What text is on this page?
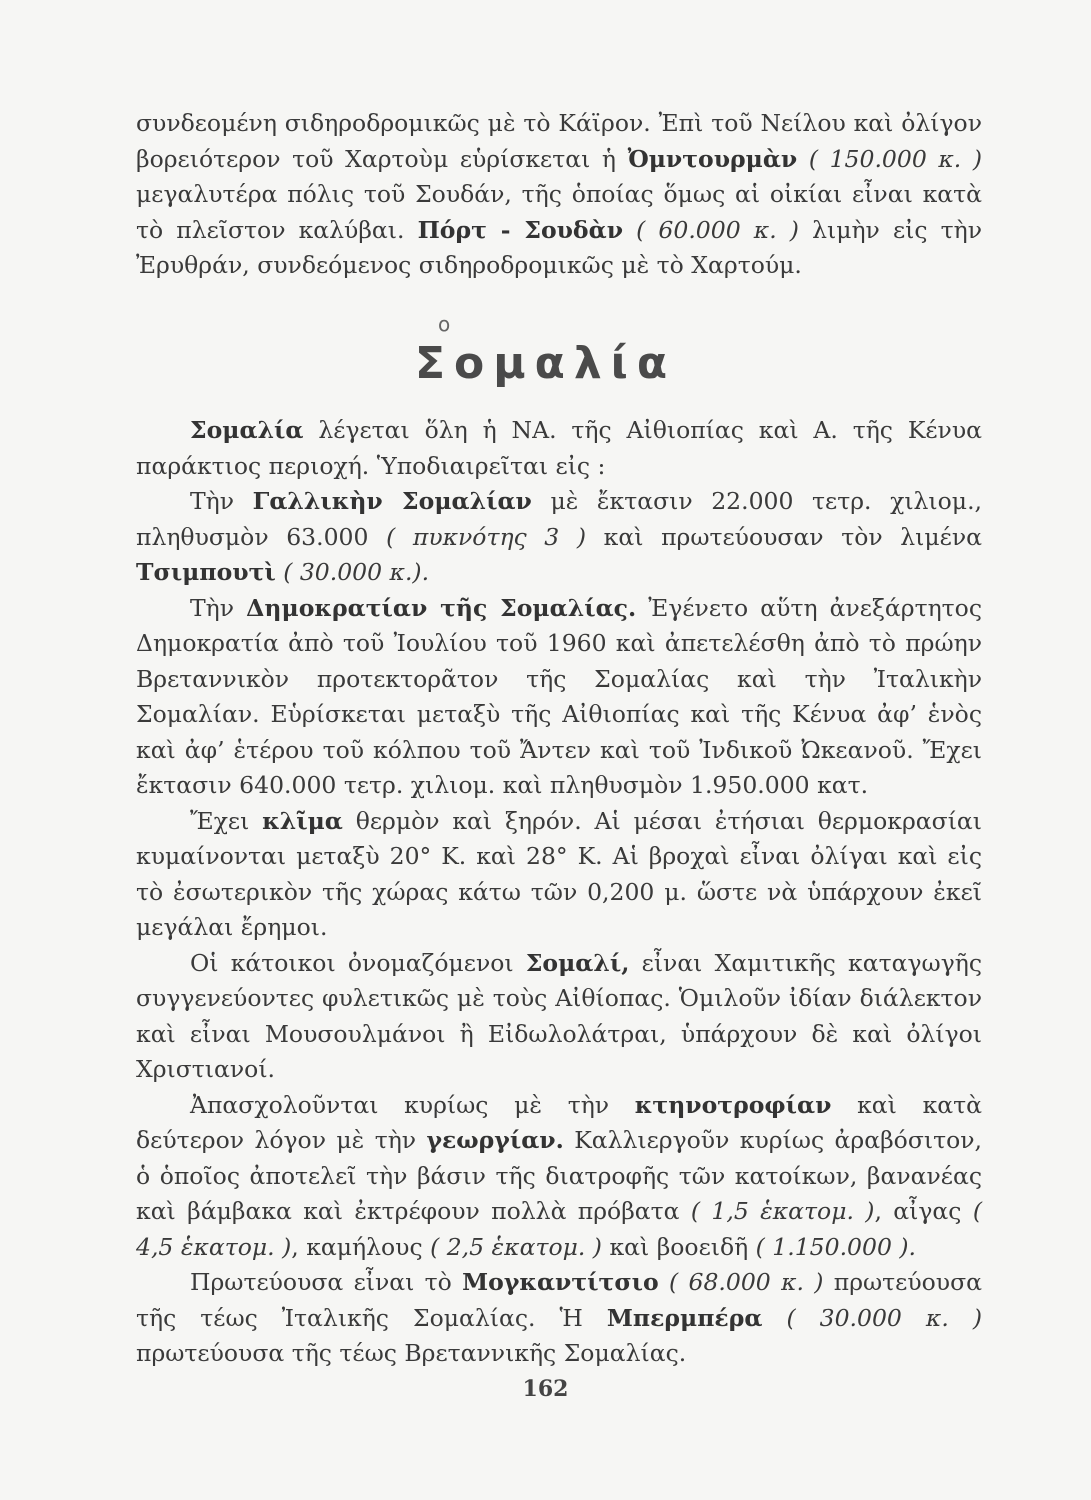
συνδεομένη σιδηροδρομικῶς μὲ τὸ Κάϊρον. Ἐπὶ τοῦ Νείλου καὶ ὀλίγον βορειότερον τοῦ Χαρτοὺμ εὑρίσκεται ἡ Ὀμντουρμὰν ( 150.000 κ. ) μεγαλυτέρα πόλις τοῦ Σουδάν, τῆς ὁποίας ὅμως αἱ οἰκίαι εἶναι κατὰ τὸ πλεῖστον καλύβαι. Πόρτ - Σουδὰν ( 60.000 κ. ) λιμὴν εἰς τὴν Ἐρυθράν, συνδεόμενος σιδηροδρομικῶς μὲ τὸ Χαρτούμ.

ο
Σομαλία

Σομαλία λέγεται ὅλη ἡ ΝΑ. τῆς Αἰθιοπίας καὶ Α. τῆς Κένυα παράκτιος περιοχή. Ὑποδιαιρεῖται εἰς :

Τὴν Γαλλικὴν Σομαλίαν μὲ ἔκτασιν 22.000 τετρ. χιλιομ., πληθυσμὸν 63.000 ( πυκνότης 3 ) καὶ πρωτεύουσαν τὸν λιμένα Τσιμπουτὶ ( 30.000 κ.).

Τὴν Δημοκρατίαν τῆς Σομαλίας. Ἐγένετο αὕτη ἀνεξάρτητος Δημοκρατία ἀπὸ τοῦ Ἰουλίου τοῦ 1960 καὶ ἀπετελέσθη ἀπὸ τὸ πρώην Βρεταννικὸν προτεκτορᾶτον τῆς Σομαλίας καὶ τὴν Ἰταλικὴν Σομαλίαν. Εὑρίσκεται μεταξὺ τῆς Αἰθιοπίας καὶ τῆς Κένυα ἀφ’ ἑνὸς καὶ ἀφ’ ἑτέρου τοῦ κόλπου τοῦ Ἄντεν καὶ τοῦ Ἰνδικοῦ Ὠκεανοῦ. Ἔχει ἔκτασιν 640.000 τετρ. χιλιομ. καὶ πληθυσμὸν 1.950.000 κατ.

Ἔχει κλῖμα θερμὸν καὶ ξηρόν. Αἱ μέσαι ἐτήσιαι θερμοκρασίαι κυμαίνονται μεταξὺ 20° Κ. καὶ 28° Κ. Αἱ βροχαὶ εἶναι ὀλίγαι καὶ εἰς τὸ ἐσωτερικὸν τῆς χώρας κάτω τῶν 0,200 μ. ὥστε νὰ ὑπάρχουν ἐκεῖ μεγάλαι ἔρημοι.

Οἱ κάτοικοι ὀνομαζόμενοι Σομαλί, εἶναι Χαμιτικῆς καταγωγῆς συγγενεύοντες φυλετικῶς μὲ τοὺς Αἰθίοπας. Ὁμιλοῦν ἰδίαν διάλεκτον καὶ εἶναι Μουσουλμάνοι ἢ Εἰδωλολάτραι, ὑπάρχουν δὲ καὶ ὀλίγοι Χριστιανοί.

Ἀπασχολοῦνται κυρίως μὲ τὴν κτηνοτροφίαν καὶ κατὰ δεύτερον λόγον μὲ τὴν γεωργίαν. Καλλιεργοῦν κυρίως ἀραβόσιτον, ὁ ὁποῖος ἀποτελεῖ τὴν βάσιν τῆς διατροφῆς τῶν κατοίκων, βανανέας καὶ βάμβακα καὶ ἐκτρέφουν πολλὰ πρόβατα ( 1,5 ἑκατομ. ), αἶγας ( 4,5 ἑκατομ. ), καμήλους ( 2,5 ἑκατομ. ) καὶ βοοειδῆ ( 1.150.000 ).

Πρωτεύουσα εἶναι τὸ Μογκαντίτσιο ( 68.000 κ. ) πρωτεύουσα τῆς τέως Ἰταλικῆς Σομαλίας. Ἡ Μπερμπέρα ( 30.000 κ. ) πρωτεύουσα τῆς τέως Βρεταννικῆς Σομαλίας.

162
